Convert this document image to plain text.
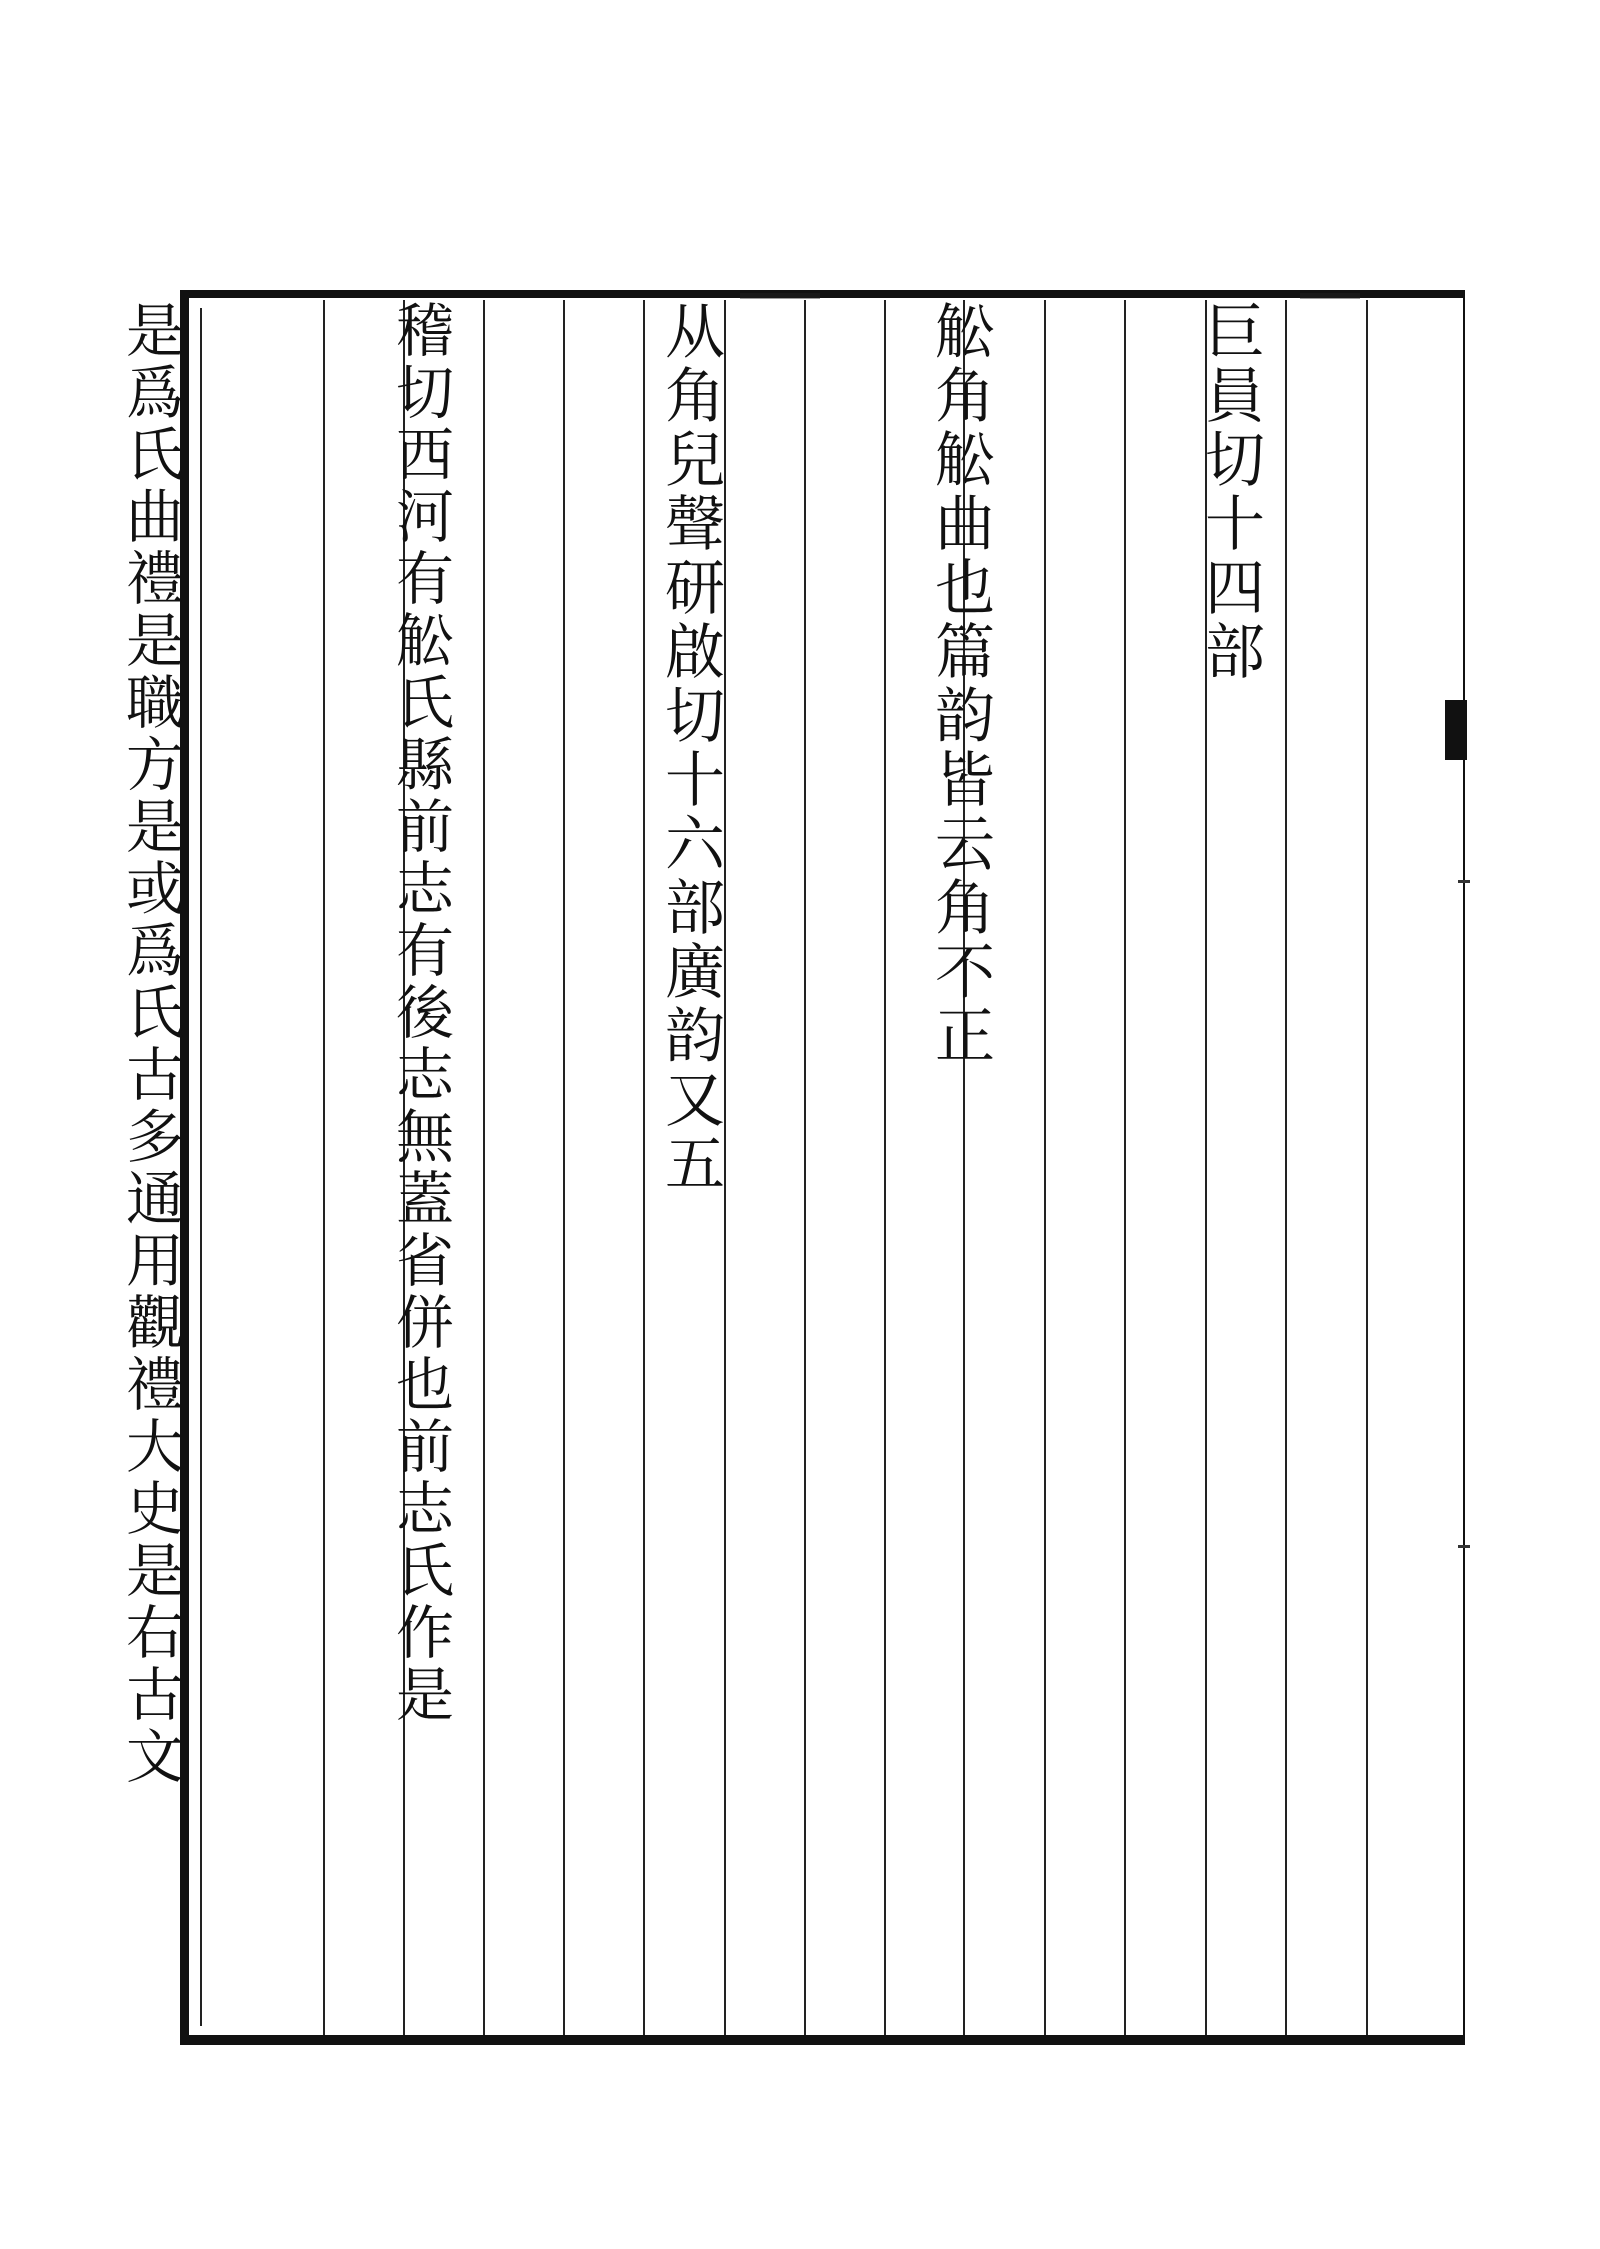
巨員切十四部

䚗角䚗曲也篇韵皆云角不正

从角兒聲研啟切十六部廣韵又五

稽切西河有䚗氏縣前志有後志無蓋省併也前志氏作是

是爲氏曲禮是職方是或爲氏古多通用觀禮大史是右古文
